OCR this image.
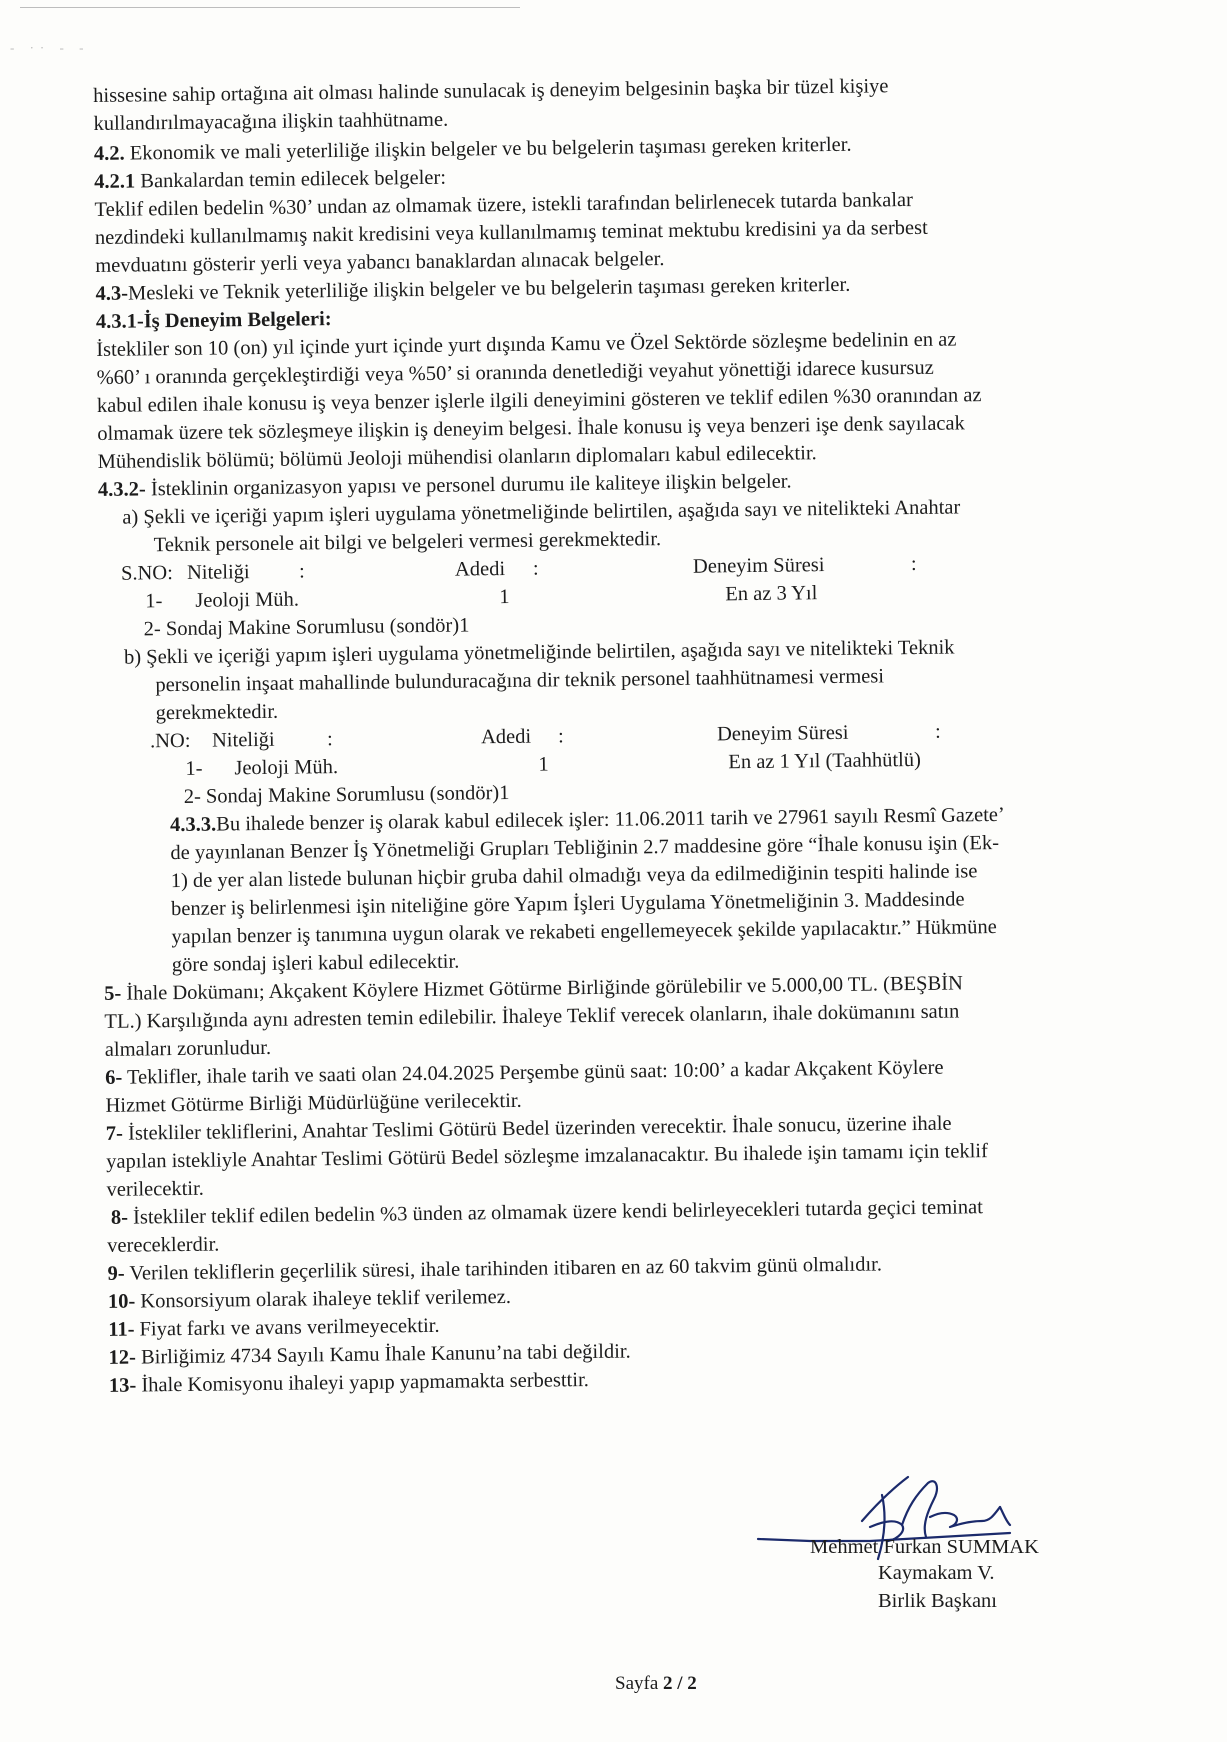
- ·· - -
hissesine sahip ortağına ait olması halinde sunulacak iş deneyim belgesinin başka bir tüzel kişiye
kullandırılmayacağına ilişkin taahhütname.
4.2. Ekonomik ve mali yeterliliğe ilişkin belgeler ve bu belgelerin taşıması gereken kriterler.
4.2.1 Bankalardan temin edilecek belgeler:
Teklif edilen bedelin %30’ undan az olmamak üzere, istekli tarafından belirlenecek tutarda bankalar
nezdindeki kullanılmamış nakit kredisini veya kullanılmamış teminat mektubu kredisini ya da serbest
mevduatını gösterir yerli veya yabancı banaklardan alınacak belgeler.
4.3-Mesleki ve Teknik yeterliliğe ilişkin belgeler ve bu belgelerin taşıması gereken kriterler.
4.3.1-İş Deneyim Belgeleri:
İstekliler son 10 (on) yıl içinde yurt içinde yurt dışında Kamu ve Özel Sektörde sözleşme bedelinin en az
%60’ ı oranında gerçekleştirdiği veya %50’ si oranında denetlediği veyahut yönettiği idarece kusursuz
kabul edilen ihale konusu iş veya benzer işlerle ilgili deneyimini gösteren ve teklif edilen %30 oranından az
olmamak üzere tek sözleşmeye ilişkin iş deneyim belgesi. İhale konusu iş veya benzeri işe denk sayılacak
Mühendislik bölümü; bölümü Jeoloji mühendisi olanların diplomaları kabul edilecektir.
4.3.2- İsteklinin organizasyon yapısı ve personel durumu ile kaliteye ilişkin belgeler.
a) Şekli ve içeriği yapım işleri uygulama yönetmeliğinde belirtilen, aşağıda sayı ve nitelikteki Anahtar
Teknik personele ait bilgi ve belgeleri vermesi gerekmektedir.
S.NO: Niteliği :	Adedi :	Deneyim Süresi	:
1- Jeoloji Müh.	1	En az 3 Yıl
2- Sondaj Makine Sorumlusu (sondör)1
b) Şekli ve içeriği yapım işleri uygulama yönetmeliğinde belirtilen, aşağıda sayı ve nitelikteki Teknik
personelin inşaat mahallinde bulunduracağına dir teknik personel taahhütnamesi vermesi
gerekmektedir.
.NO: Niteliği	:	Adedi :	Deneyim Süresi	:
1- Jeoloji Müh.	1	En az 1 Yıl (Taahhütlü)
2- Sondaj Makine Sorumlusu (sondör)1
4.3.3.Bu ihalede benzer iş olarak kabul edilecek işler: 11.06.2011 tarih ve 27961 sayılı Resmî Gazete’
de yayınlanan Benzer İş Yönetmeliği Grupları Tebliğinin 2.7 maddesine göre “İhale konusu işin (Ek-
1) de yer alan listede bulunan hiçbir gruba dahil olmadığı veya da edilmediğinin tespiti halinde ise
benzer iş belirlenmesi işin niteliğine göre Yapım İşleri Uygulama Yönetmeliğinin 3. Maddesinde
yapılan benzer iş tanımına uygun olarak ve rekabeti engellemeyecek şekilde yapılacaktır.” Hükmüne
göre sondaj işleri kabul edilecektir.
5- İhale Dokümanı; Akçakent Köylere Hizmet Götürme Birliğinde görülebilir ve 5.000,00 TL. (BEŞBİN
TL.) Karşılığında aynı adresten temin edilebilir. İhaleye Teklif verecek olanların, ihale dokümanını satın
almaları zorunludur.
6- Teklifler, ihale tarih ve saati olan 24.04.2025 Perşembe günü saat: 10:00’ a kadar Akçakent Köylere
Hizmet Götürme Birliği Müdürlüğüne verilecektir.
7- İstekliler tekliflerini, Anahtar Teslimi Götürü Bedel üzerinden verecektir. İhale sonucu, üzerine ihale
yapılan istekliyle Anahtar Teslimi Götürü Bedel sözleşme imzalanacaktır. Bu ihalede işin tamamı için teklif
verilecektir.
8- İstekliler teklif edilen bedelin %3 ünden az olmamak üzere kendi belirleyecekleri tutarda geçici teminat
vereceklerdir.
9- Verilen tekliflerin geçerlilik süresi, ihale tarihinden itibaren en az 60 takvim günü olmalıdır.
10- Konsorsiyum olarak ihaleye teklif verilemez.
11- Fiyat farkı ve avans verilmeyecektir.
12- Birliğimiz 4734 Sayılı Kamu İhale Kanunu’na tabi değildir.
13- İhale Komisyonu ihaleyi yapıp yapmamakta serbesttir.
Mehmet Furkan SUMMAK
Kaymakam V.
Birlik Başkanı
Sayfa 2 / 2
